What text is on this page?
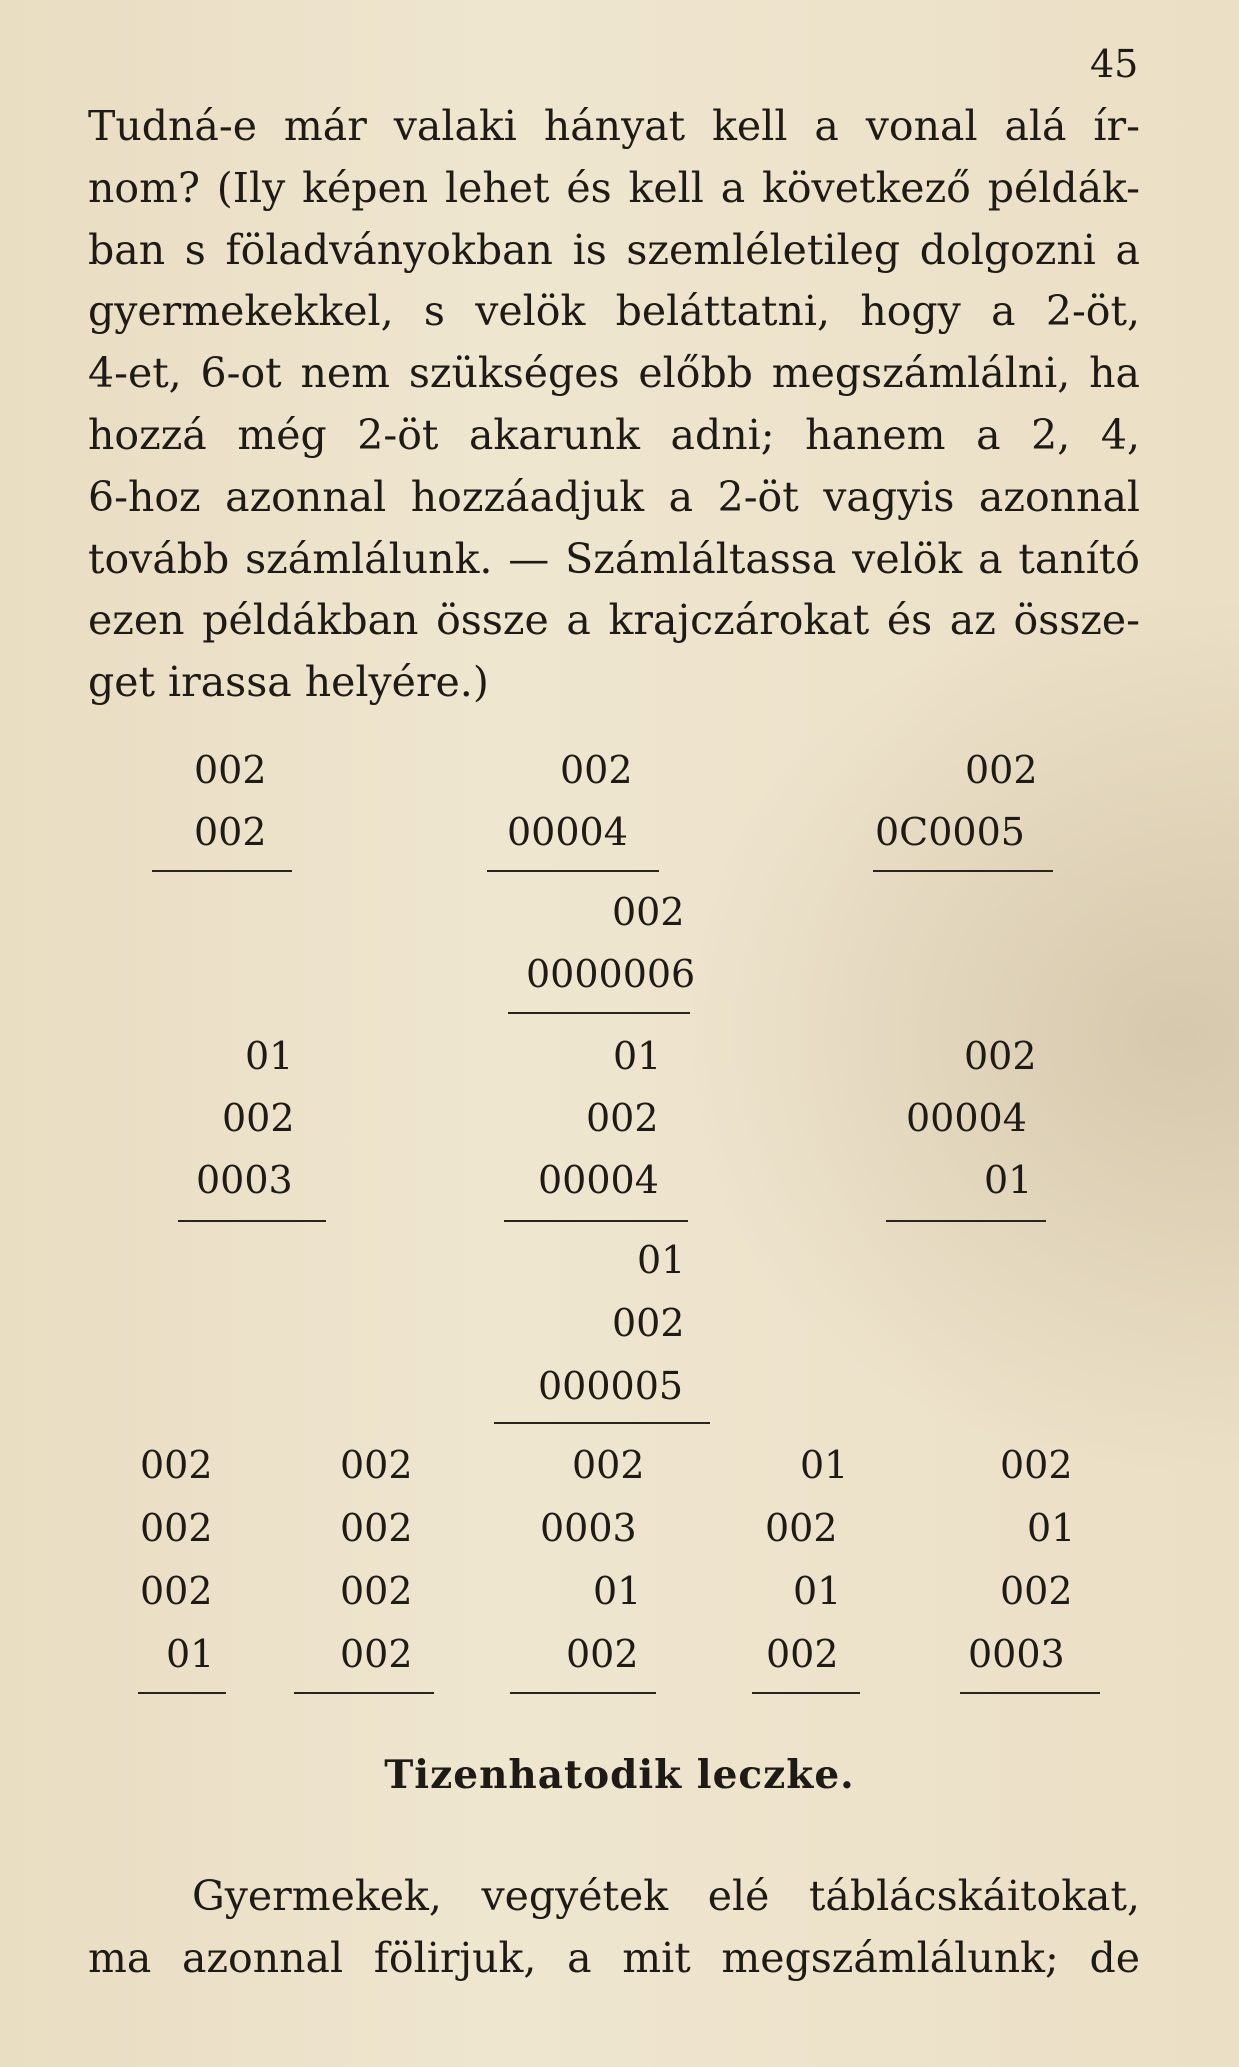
45
Tudná-e már valaki hányat kell a vonal alá ír-
nom? (Ily képen lehet és kell a következő példák-
ban s föladványokban is szemléletileg dolgozni a
gyermekekkel, s velök beláttatni, hogy a 2-öt,
4-et, 6-ot nem szükséges előbb megszámlálni, ha
hozzá még 2-öt akarunk adni; hanem a 2, 4,
6-hoz azonnal hozzáadjuk a 2-öt vagyis azonnal
tovább számlálunk. — Számláltassa velök a tanító
ezen példákban össze a krajczárokat és az össze-
get irassa helyére.)
002	002	002
002	00004	0C0005
002
0000006
01	01	002
002	002	00004
0003	00004	01
01
002
000005
002	002	002	01	002
002	002	0003	002	01
002	002	01	01	002
01	002	002	002	0003
Tizenhatodik leczke.
Gyermekek, vegyétek elé táblácskáitokat,
ma azonnal fölirjuk, a mit megszámlálunk; de
